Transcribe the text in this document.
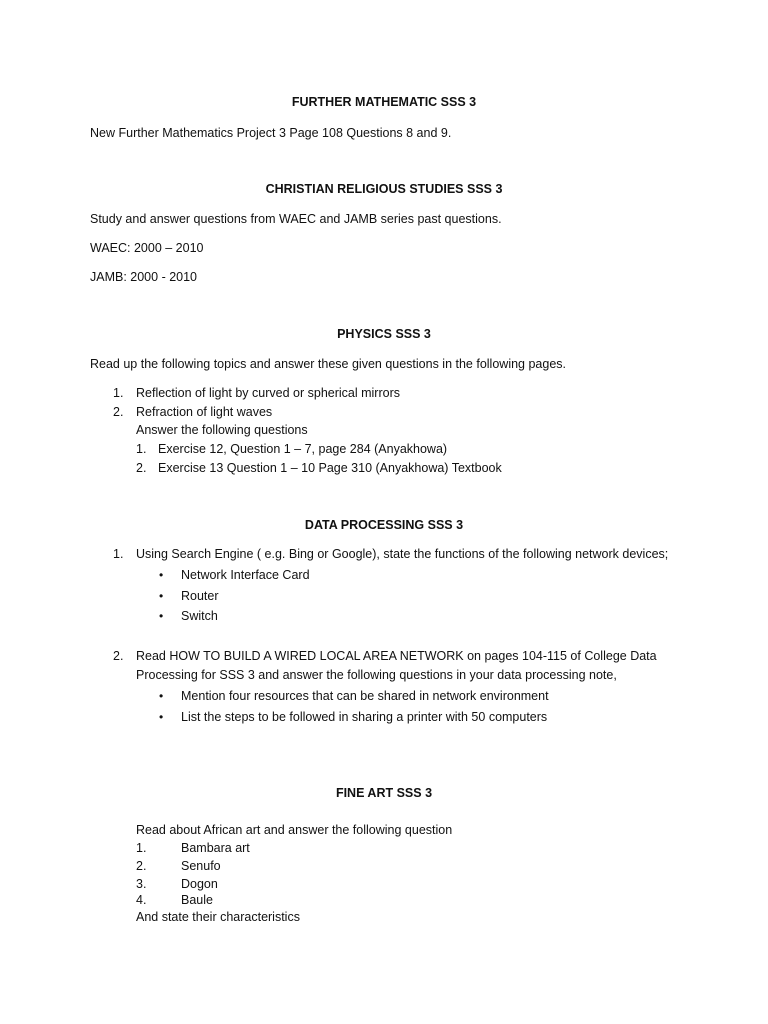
FURTHER MATHEMATIC SSS 3
New Further Mathematics Project 3 Page 108 Questions 8 and 9.
CHRISTIAN RELIGIOUS STUDIES SSS 3
Study and answer questions from WAEC and JAMB series past questions.
WAEC: 2000 – 2010
JAMB: 2000 - 2010
PHYSICS SSS 3
Read up the following topics and answer these given questions in the following pages.
1. Reflection of light by curved or spherical mirrors
2. Refraction of light waves
Answer the following questions
1. Exercise 12, Question 1 – 7, page 284 (Anyakhowa)
2. Exercise 13 Question 1 – 10 Page 310 (Anyakhowa) Textbook
DATA PROCESSING SSS 3
1. Using Search Engine ( e.g. Bing or Google), state the functions of the following network devices;
• Network Interface Card
• Router
• Switch
2. Read HOW TO BUILD A WIRED LOCAL AREA NETWORK on pages 104-115 of College Data
Processing for SSS 3 and answer the following questions in your data processing note,
• Mention four resources that can be shared in network environment
• List the steps to be followed in sharing a printer with 50 computers
FINE ART SSS 3
Read about African art and answer the following question
1.	Bambara art
2.	Senufo
3.	Dogon
4.	Baule
And state their characteristics
